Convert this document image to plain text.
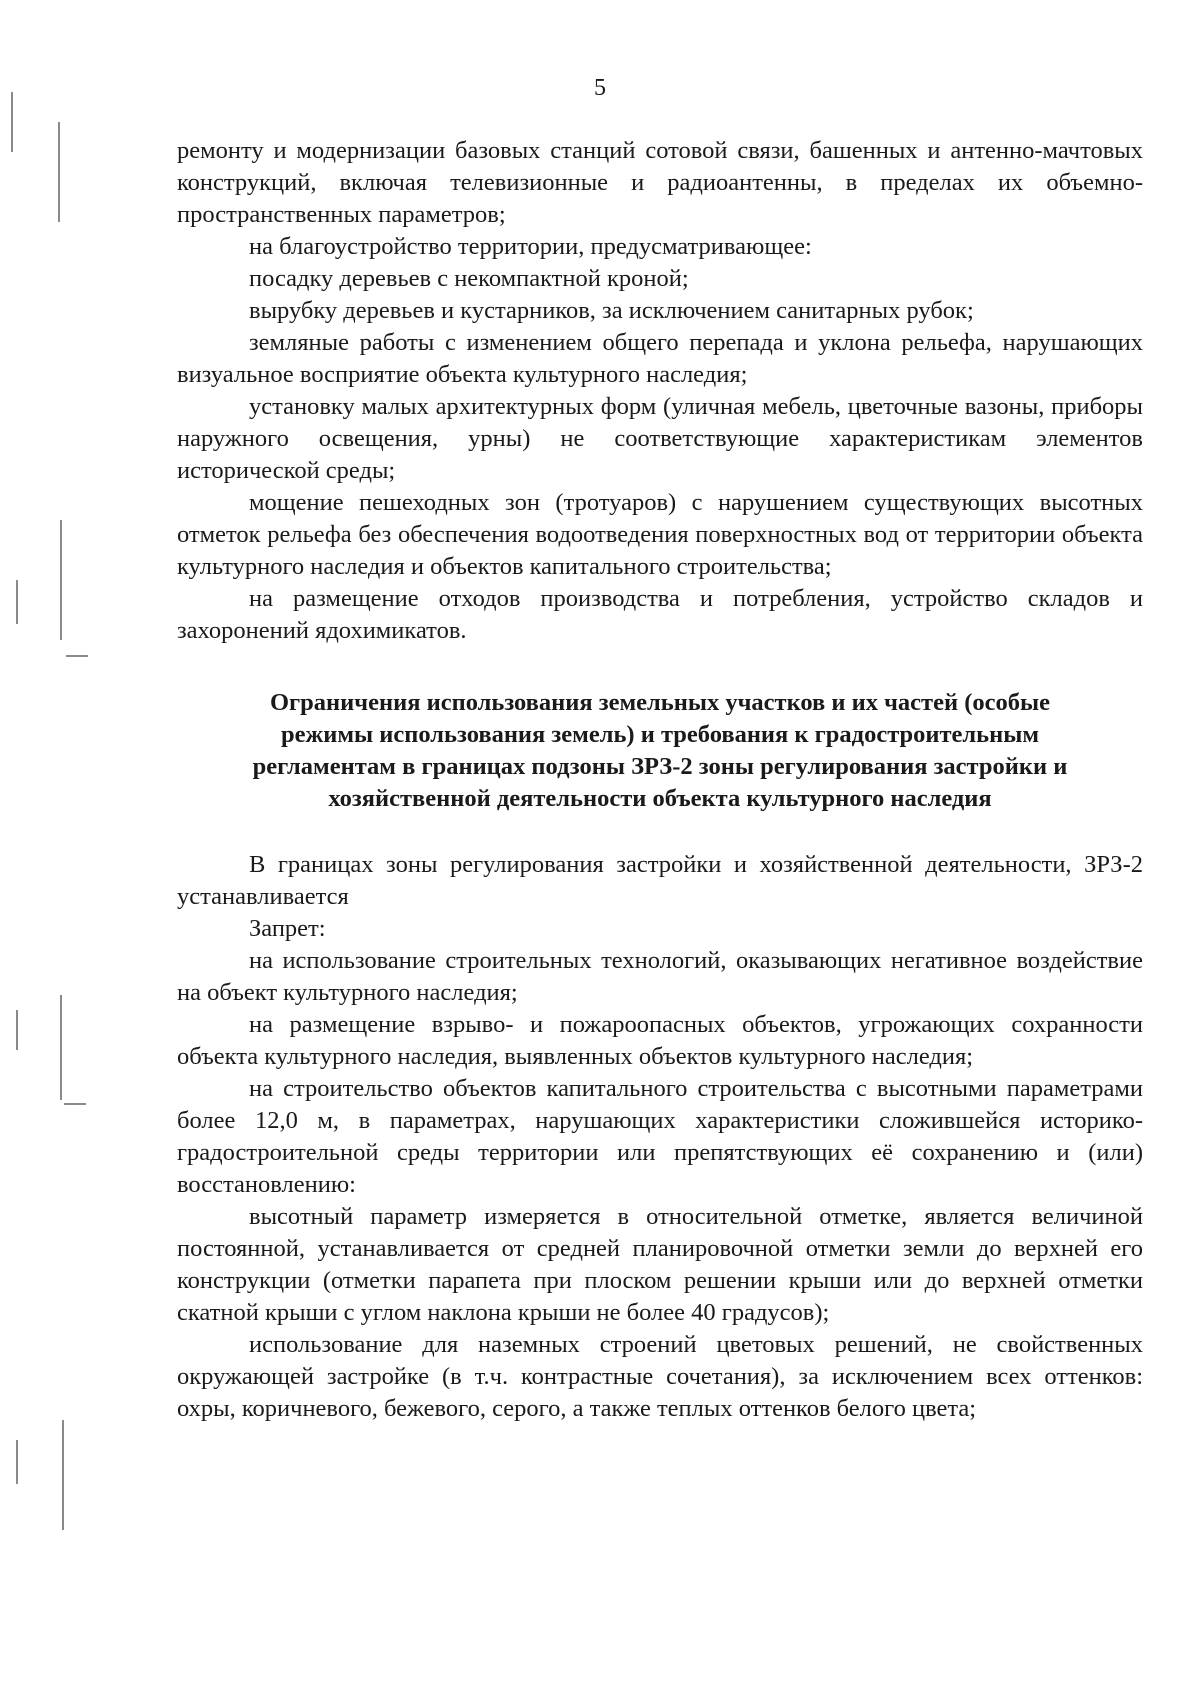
5

ремонту и модернизации базовых станций сотовой связи, башенных и антенно-мачтовых конструкций, включая телевизионные и радиоантенны, в пределах их объемно-пространственных параметров;

на благоустройство территории, предусматривающее:

посадку деревьев с некомпактной кроной;

вырубку деревьев и кустарников, за исключением санитарных рубок;

земляные работы с изменением общего перепада и уклона рельефа, нарушающих визуальное восприятие объекта культурного наследия;

установку малых архитектурных форм (уличная мебель, цветочные вазоны, приборы наружного освещения, урны) не соответствующие характеристикам элементов исторической среды;

мощение пешеходных зон (тротуаров) с нарушением существующих высотных отметок рельефа без обеспечения водоотведения поверхностных вод от территории объекта культурного наследия и объектов капитального строительства;

на размещение отходов производства и потребления, устройство складов и захоронений ядохимикатов.

Ограничения использования земельных участков и их частей (особые
режимы использования земель) и требования к градостроительным
регламентам в границах подзоны ЗРЗ-2 зоны регулирования застройки и
хозяйственной деятельности объекта культурного наследия

В границах зоны регулирования застройки и хозяйственной деятельности, ЗРЗ-2 устанавливается

Запрет:

на использование строительных технологий, оказывающих негативное воздействие на объект культурного наследия;

на размещение взрыво- и пожароопасных объектов, угрожающих сохранности объекта культурного наследия, выявленных объектов культурного наследия;

на строительство объектов капитального строительства с высотными параметрами более 12,0 м, в параметрах, нарушающих характеристики сложившейся историко-градостроительной среды территории или препятствующих её сохранению и (или) восстановлению:

высотный параметр измеряется в относительной отметке, является величиной постоянной, устанавливается от средней планировочной отметки земли до верхней его конструкции (отметки парапета при плоском решении крыши или до верхней отметки скатной крыши с углом наклона крыши не более 40 градусов);

использование для наземных строений цветовых решений, не свойственных окружающей застройке (в т.ч. контрастные сочетания), за исключением всех оттенков: охры, коричневого, бежевого, серого, а также теплых оттенков белого цвета;
